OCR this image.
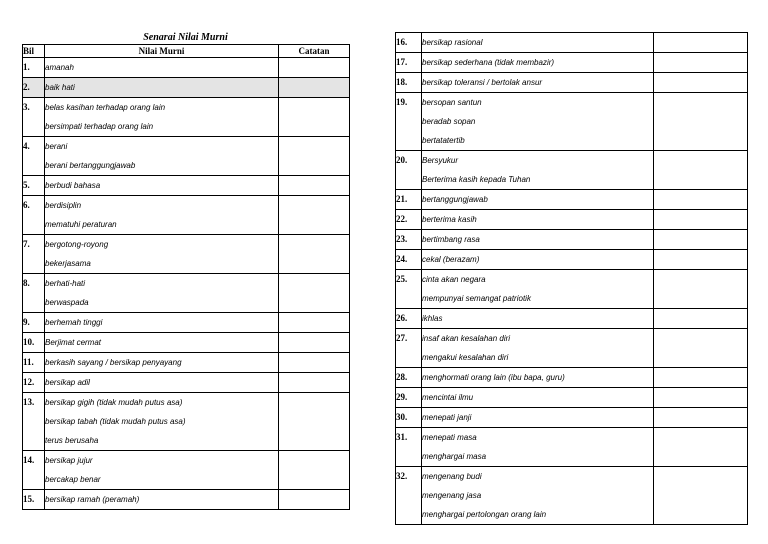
Senarai Nilai Murni
Bil	Nilai Murni	Catatan
1.	amanah	

2.	baik hati	

3.	belas kasihan terhadap orang lain
bersimpati terhadap orang lain	

4.	berani
berani bertanggungjawab	

5.	berbudi bahasa	

6.	berdisiplin
mematuhi peraturan	

7.	bergotong-royong
bekerjasama	

8.	berhati-hati
berwaspada	

9.	berhemah tinggi	

10.	Berjimat cermat	

11.	berkasih sayang / bersikap penyayang	

12.	bersikap adil	

13.	bersikap gigih (tidak mudah putus asa)
bersikap tabah (tidak mudah putus asa)
terus berusaha	

14.	bersikap jujur
bercakap benar	

15.	bersikap ramah (peramah)	

16.	bersikap rasional	

17.	bersikap sederhana (tidak membazir)	

18.	bersikap toleransi / bertolak ansur	

19.	bersopan santun
beradab sopan
bertatatertib	

20.	Bersyukur
Berterima kasih kepada Tuhan	

21.	bertanggungjawab	

22.	berterima kasih	

23.	bertimbang rasa	

24.	cekal (berazam)	

25.	cinta akan negara
mempunyai semangat patriotik	

26.	ikhlas	

27.	insaf akan kesalahan diri
mengakui kesalahan diri	

28.	menghormati orang lain (ibu bapa, guru)	

29.	mencintai ilmu	

30.	menepati janji	

31.	menepati masa
menghargai masa	

32.	mengenang budi
mengenang jasa
menghargai pertolongan orang lain	
